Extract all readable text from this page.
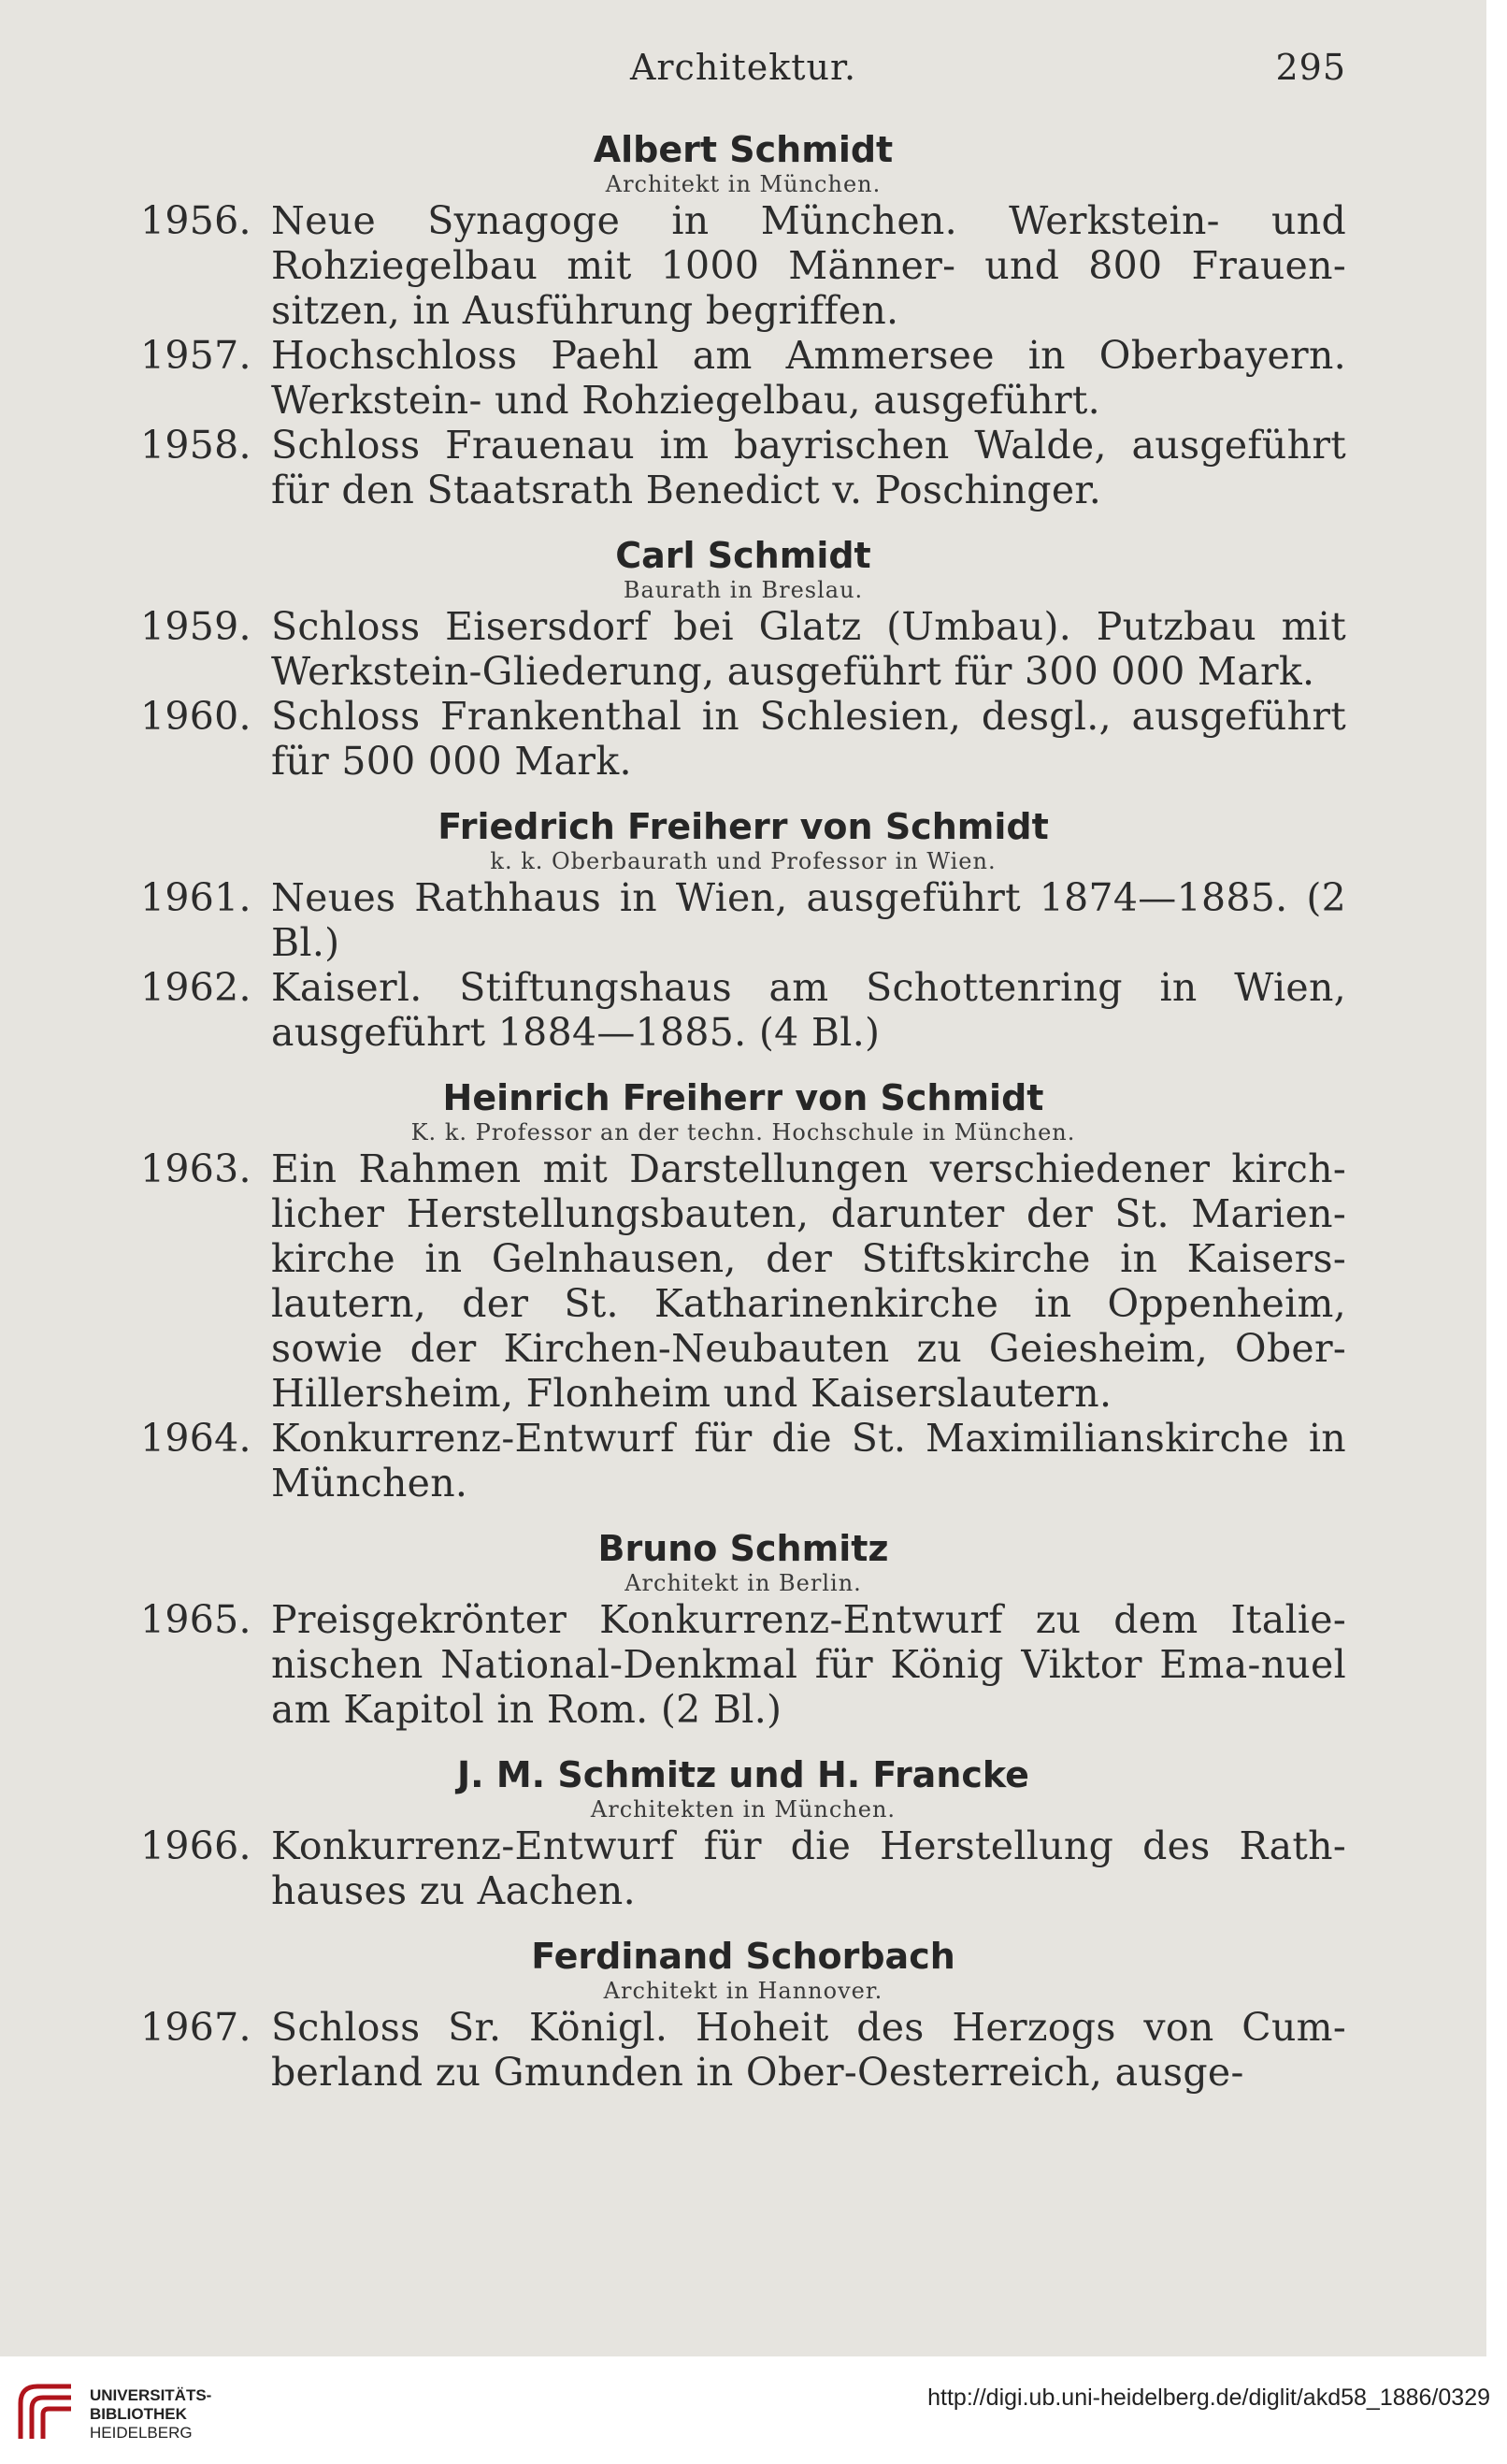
Architektur.	295
Albert Schmidt
Architekt in München.
1956. Neue Synagoge in München. Werkstein- und Rohziegelbau mit 1000 Männer- und 800 Frauen-sitzen, in Ausführung begriffen.
1957. Hochschloss Paehl am Ammersee in Oberbayern. Werkstein- und Rohziegelbau, ausgeführt.
1958. Schloss Frauenau im bayrischen Walde, ausgeführt für den Staatsrath Benedict v. Poschinger.
Carl Schmidt
Baurath in Breslau.
1959. Schloss Eisersdorf bei Glatz (Umbau). Putzbau mit Werkstein-Gliederung, ausgeführt für 300 000 Mark.
1960. Schloss Frankenthal in Schlesien, desgl., ausgeführt für 500 000 Mark.
Friedrich Freiherr von Schmidt
k. k. Oberbaurath und Professor in Wien.
1961. Neues Rathhaus in Wien, ausgeführt 1874—1885. (2 Bl.)
1962. Kaiserl. Stiftungshaus am Schottenring in Wien, ausgeführt 1884—1885. (4 Bl.)
Heinrich Freiherr von Schmidt
K. k. Professor an der techn. Hochschule in München.
1963. Ein Rahmen mit Darstellungen verschiedener kirch-licher Herstellungsbauten, darunter der St. Marien-kirche in Gelnhausen, der Stiftskirche in Kaisers-lautern, der St. Katharinenkirche in Oppenheim, sowie der Kirchen-Neubauten zu Geiesheim, Ober-Hillersheim, Flonheim und Kaiserslautern.
1964. Konkurrenz-Entwurf für die St. Maximilianskirche in München.
Bruno Schmitz
Architekt in Berlin.
1965. Preisgekrönter Konkurrenz-Entwurf zu dem Italie-nischen National-Denkmal für König Viktor Ema-nuel am Kapitol in Rom. (2 Bl.)
J. M. Schmitz und H. Francke
Architekten in München.
1966. Konkurrenz-Entwurf für die Herstellung des Rath-hauses zu Aachen.
Ferdinand Schorbach
Architekt in Hannover.
1967. Schloss Sr. Königl. Hoheit des Herzogs von Cum-berland zu Gmunden in Ober-Oesterreich, ausge-
UNIVERSITÄTS-
BIBLIOTHEK
HEIDELBERG
http://digi.ub.uni-heidelberg.de/diglit/akd58_1886/0329
